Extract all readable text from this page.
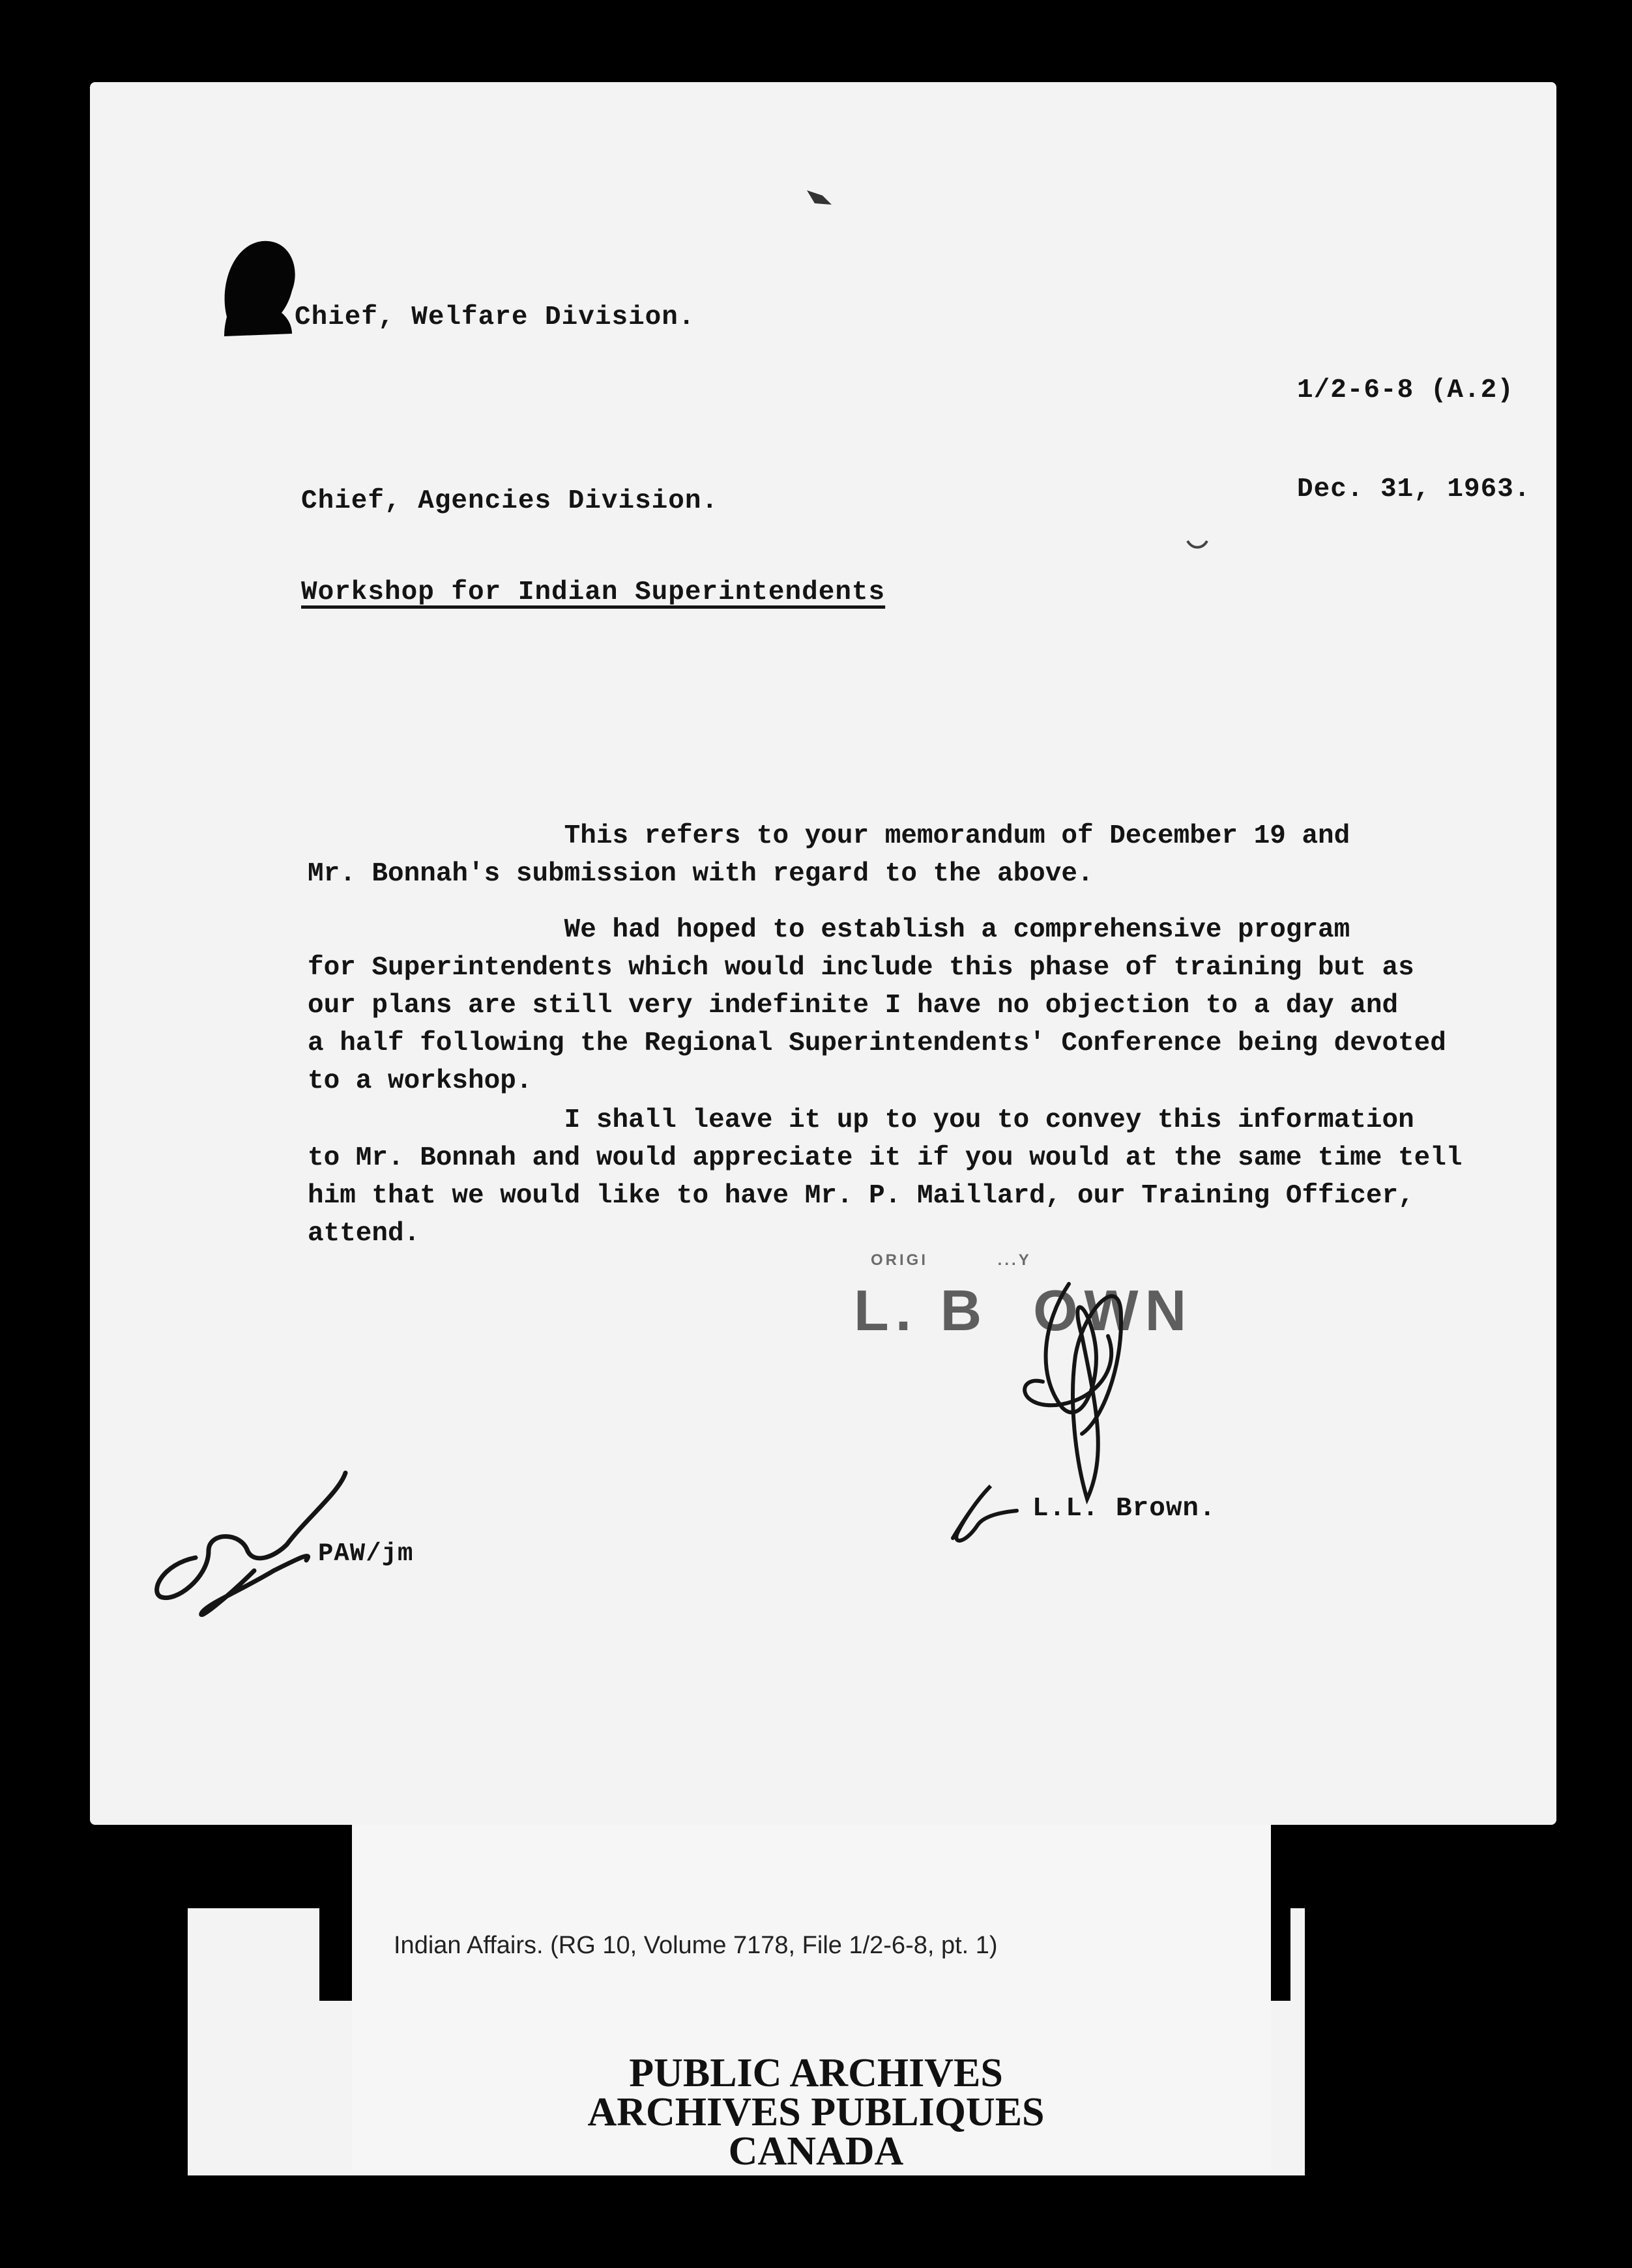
Chief, Welfare Division.
1/2-6-8 (A.2)
Chief, Agencies Division.	Dec. 31, 1963.
Workshop for Indian Superintendents

This refers to your memorandum of December 19 and
Mr. Bonnah's submission with regard to the above.

We had hoped to establish a comprehensive program
for Superintendents which would include this phase of training but as
our plans are still very indefinite I have no objection to a day and
a half following the Regional Superintendents' Conference being devoted
to a workshop.

I shall leave it up to you to convey this information
to Mr. Bonnah and would appreciate it if you would at the same time tell
him that we would like to have Mr. P. Maillard, our Training Officer,
attend.

ORIGI          ...Y
L. B  OWN
L.L. Brown.
PAW/jm
Indian Affairs. (RG 10, Volume 7178, File 1/2-6-8, pt. 1)
PUBLIC ARCHIVES
ARCHIVES PUBLIQUES
CANADA
